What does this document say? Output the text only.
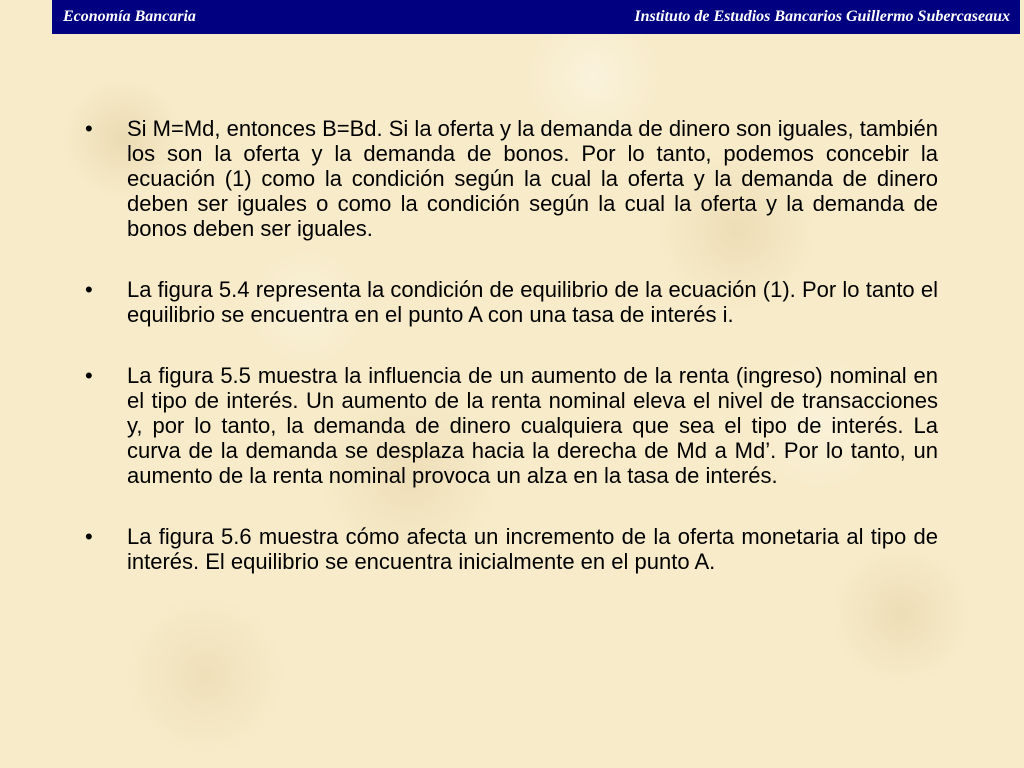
Economía Bancaria	Instituto de Estudios Bancarios Guillermo Subercaseaux
•	Si M=Md, entonces B=Bd. Si la oferta y la demanda de dinero son iguales, también los son la oferta y la demanda de bonos. Por lo tanto, podemos concebir la ecuación (1) como la condición según la cual la oferta y la demanda de dinero deben ser iguales o como la condición según la cual la oferta y la demanda de bonos deben ser iguales.
•	La figura 5.4 representa la condición de equilibrio de la ecuación (1). Por lo tanto el equilibrio se encuentra en el punto A con una tasa de interés i.
•	La figura 5.5 muestra la influencia de un aumento de la renta (ingreso) nominal en el tipo de interés. Un aumento de la renta nominal eleva el nivel de transacciones y, por lo tanto, la demanda de dinero cualquiera que sea el tipo de interés. La curva de la demanda se desplaza hacia la derecha de Md a Md’. Por lo tanto, un aumento de la renta nominal provoca un alza en la tasa de interés.
•	La figura 5.6 muestra cómo afecta un incremento de la oferta monetaria al tipo de interés. El equilibrio se encuentra inicialmente en el punto A.
